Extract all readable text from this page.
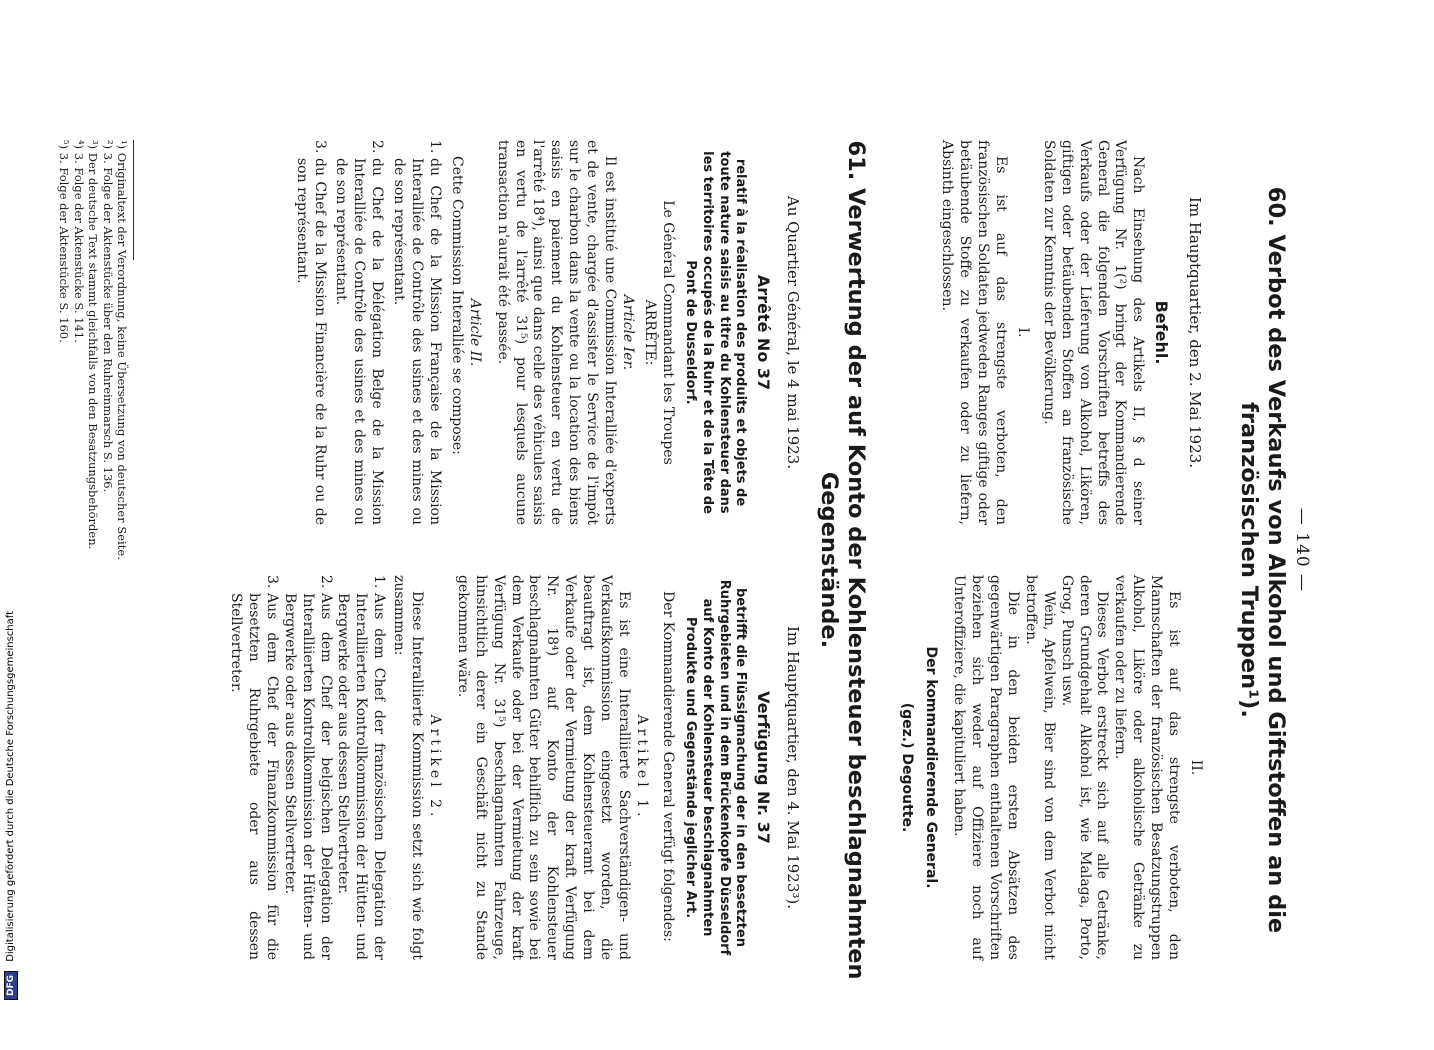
— 140 —
60. Verbot des Verkaufs von Alkohol und Giftstoffen an die französischen Truppen¹).

Im Hauptquartier, den 2. Mai 1923.

Befehl.

Nach Einsehung des Artikels II, § d seiner Verfügung Nr. 1(²) bringt der Kommandierende General die folgenden Vorschriften betreffs des Verkaufs oder der Lieferung von Alkohol, Likören, giftigen oder betäubenden Stoffen an französische Soldaten zur Kenntnis der Bevölkerung.

I.

Es ist auf das strengste verboten, den französischen Soldaten jedweden Ranges giftige oder betäubende Stoffe zu verkaufen oder zu liefern, Absinth eingeschlossen.

II.

Es ist auf das strengste verboten, den Mannschaften der französischen Besatzungstruppen Alkohol, Liköre oder alkoholische Getränke zu verkaufen oder zu liefern.

Dieses Verbot erstreckt sich auf alle Getränke, deren Grundgehalt Alkohol ist, wie Malaga, Porto, Grog, Punsch usw.

Wein, Apfelwein, Bier sind von dem Verbot nicht betroffen.

Die in den beiden ersten Absätzen des gegenwärtigen Paragraphen enthaltenen Vorschriften beziehen sich weder auf Offiziere noch auf Unteroffiziere, die kapituliert haben.

Der kommandierende General.

(gez.) Degoutte.

61. Verwertung der auf Konto der Kohlensteuer beschlagnahmten Gegenstände.

Au Quartier Général, le 4 mai 1923.

Arrêté No 37

relatif à la réalisation des produits et objets de toute nature saisis au titre du Kohlensteuer dans les territoires occupés de la Ruhr et de la Tête de Pont de Dusseldorf.

Le Général Commandant les Troupes

ARRÊTE:

Article Ier.

Il est institué une Commission Interalliée d'experts et de vente, chargée d'assister le Service de l'impôt sur le charbon dans la vente ou la location des biens saisis en paiement du Kohlensteuer en vertu de l'arrêté 18⁴), ainsi que dans celle des véhicules saisis en vertu de l'arrêté 31⁵) pour lesquels aucune transaction n'aurait été passée.

Article II.

Cette Commission Interalliée se compose:

1.
du Chef de la Mission Française de la Mission Interalliée de Contrôle des usines et des mines ou de son représentant.
2.
du Chef de la Délégation Belge de la Mission Interalliée de Contrôle des usines et des mines ou de son représentant.
3.
du Chef de la Mission Financière de la Ruhr ou de son représentant.

Im Hauptquartier, den 4. Mai 1923³).

Verfügung Nr. 37

betrifft die Flüssigmachung der in den besetzten Ruhrgebieten und in dem Brückenkopfe Düsseldorf auf Konto der Kohlensteuer beschlagnahmten Produkte und Gegenstände jeglicher Art.

Der Kommandierende General verfügt folgendes:

Artikel 1.

Es ist eine Interalliierte Sachverständigen- und Verkaufskommission eingesetzt worden, die beauftragt ist, dem Kohlensteueramt bei dem Verkaufe oder der Vermietung der kraft Verfügung Nr. 18⁴) auf Konto der Kohlensteuer beschlagnahmten Güter behilflich zu sein sowie bei dem Verkaufe oder bei der Vermietung der kraft Verfügung Nr. 31⁵) beschlagnahmten Fahrzeuge, hinsichtlich derer ein Geschäft nicht zu Stande gekommen wäre.

Artikel 2.

Diese Interalliierte Kommission setzt sich wie folgt zusammen:

1.
Aus dem Chef der französischen Delegation der Interalliierten Kontrollkommission der Hütten- und Bergwerke oder aus dessen Stellvertreter.
2.
Aus dem Chef der belgischen Delegation der Interalliierten Kontrollkommission der Hütten- und Bergwerke oder aus dessen Stellvertreter.
3.
Aus dem Chef der Finanzkommission für die besetzten Ruhrgebiete oder aus dessen Stellvertreter.
¹) Originaltext der Verordnung, keine Übersetzung von deutscher Seite.
²) 3. Folge der Aktenstücke über den Ruhreinmarsch S. 136.
³) Der deutsche Text stammt gleichfalls von den Besatzungsbehörden.
⁴) 3. Folge der Aktenstücke S. 141.
⁵) 3. Folge der Aktenstücke S. 160.
DFG Digitalisierung gefördert durch die Deutsche Forschungsgemeinschaft
